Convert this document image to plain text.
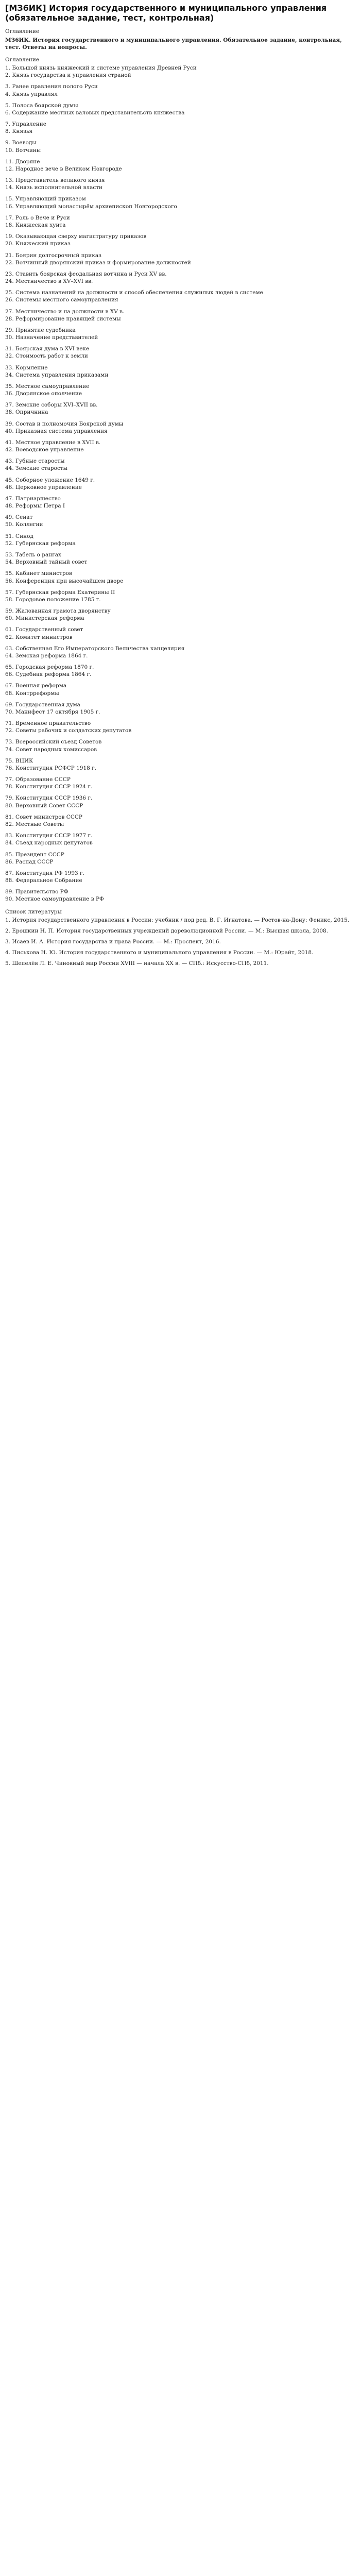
[МЗ6ИК] История государственного и муниципального управления (обязательное задание, тест, контрольная)

Оглавление

МЗ6ИК. История государственного и муниципального управления. Обязательное задание, контрольная, тест. Ответы на вопросы.

Оглавление

1. Большой князь княжеский и системе управления Древней Руси

2. Князь государства и управления страной

3. Ранее правления полого Руси

4. Князь управлял

5. Полоса боярской думы

6. Содержание местных валовых представительств княжества

7. Управление

8. Князья

9. Воеводы

10. Вотчины

11. Дворяне

12. Народное вече в Великом Новгороде

13. Представитель великого князя

14. Князь исполнительной власти

15. Управляющий приказом

16. Управляющий монастырём архиепископ Новгородского

17. Роль о Вече и Руси

18. Княжеская хунта

19. Оказывающая сверху магистратуру приказов

20. Княжеский приказ

21. Боярин долгосрочный приказ

22. Вотчинный дворянский приказ и формирование должностей

23. Ставить боярская феодальная вотчина и Руси XV вв.

24. Местничество в XV–XVI вв.

25. Система назначений на должности и способ обеспечения служилых людей в системе

26. Системы местного самоуправления

27. Местничество и на должности в XV в.

28. Реформирование правящей системы

29. Принятие судебника

30. Назначение представителей

31. Боярская дума в XVI веке

32. Стоимость работ к земли

33. Кормление

34. Система управления приказами

35. Местное самоуправление

36. Дворянское ополчение

37. Земские соборы XVI–XVII вв.

38. Опричнина

39. Состав и полномочия Боярской думы

40. Приказная система управления

41. Местное управление в XVII в.

42. Воеводское управление

43. Губные старосты

44. Земские старосты

45. Соборное уложение 1649 г.

46. Церковное управление

47. Патриаршество

48. Реформы Петра I

49. Сенат

50. Коллегии

51. Синод

52. Губернская реформа

53. Табель о рангах

54. Верховный тайный совет

55. Кабинет министров

56. Конференция при высочайшем дворе

57. Губернская реформа Екатерины II

58. Городовое положение 1785 г.

59. Жалованная грамота дворянству

60. Министерская реформа

61. Государственный совет

62. Комитет министров

63. Собственная Его Императорского Величества канцелярия

64. Земская реформа 1864 г.

65. Городская реформа 1870 г.

66. Судебная реформа 1864 г.

67. Военная реформа

68. Контрреформы

69. Государственная дума

70. Манифест 17 октября 1905 г.

71. Временное правительство

72. Советы рабочих и солдатских депутатов

73. Всероссийский съезд Советов

74. Совет народных комиссаров

75. ВЦИК

76. Конституция РСФСР 1918 г.

77. Образование СССР

78. Конституция СССР 1924 г.

79. Конституция СССР 1936 г.

80. Верховный Совет СССР

81. Совет министров СССР

82. Местные Советы

83. Конституция СССР 1977 г.

84. Съезд народных депутатов

85. Президент СССР

86. Распад СССР

87. Конституция РФ 1993 г.

88. Федеральное Собрание

89. Правительство РФ

90. Местное самоуправление в РФ

Список литературы

1. История государственного управления в России: учебник / под ред. В. Г. Игнатова. — Ростов-на-Дону: Феникс, 2015.

2. Ерошкин Н. П. История государственных учреждений дореволюционной России. — М.: Высшая школа, 2008.

3. Исаев И. А. История государства и права России. — М.: Проспект, 2016.

4. Писькова Н. Ю. История государственного и муниципального управления в России. — М.: Юрайт, 2018.

5. Шепелёв Л. Е. Чиновный мир России XVIII — начала XX в. — СПб.: Искусство-СПб, 2011.
